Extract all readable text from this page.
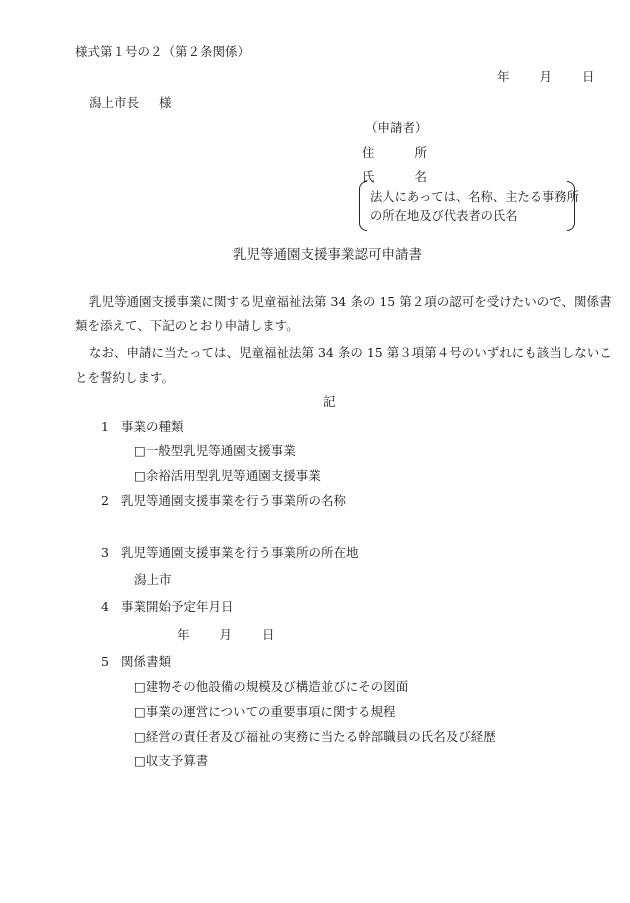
様式第１号の２（第２条関係）
年 月 日
潟上市長 様
（申請者）
住	所
氏	名
法人にあっては、名称、主たる事務所
の所在地及び代表者の氏名
乳児等通園支援事業認可申請書
乳児等通園支援事業に関する児童福祉法第 34 条の 15 第２項の認可を受けたいので、関係書
類を添えて、下記のとおり申請します。
なお、申請に当たっては、児童福祉法第 34 条の 15 第３項第４号のいずれにも該当しないこ
とを誓約します。
記
1 事業の種類
□一般型乳児等通園支援事業
□余裕活用型乳児等通園支援事業
2 乳児等通園支援事業を行う事業所の名称
3 乳児等通園支援事業を行う事業所の所在地
潟上市
4 事業開始予定年月日
年 月 日
5 関係書類
□建物その他設備の規模及び構造並びにその図面
□事業の運営についての重要事項に関する規程
□経営の責任者及び福祉の実務に当たる幹部職員の氏名及び経歴
□収支予算書
